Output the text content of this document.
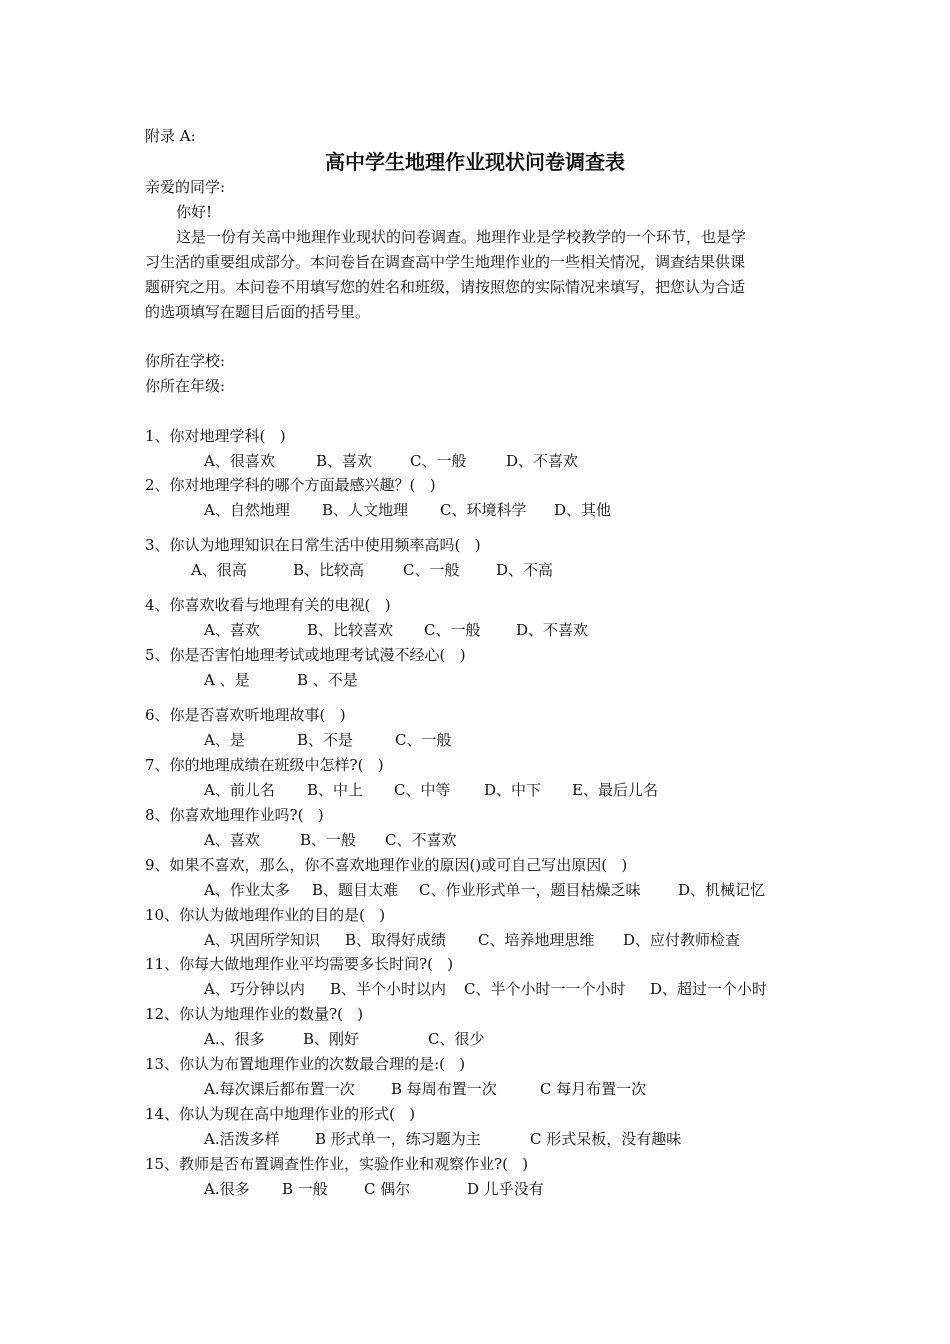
附录 A:
高中学生地理作业现状问卷调查表
亲爱的同学:
你好!
这是一份有关高中地理作业现状的问卷调查。地理作业是学校教学的一个环节，也是学
习生活的重要组成部分。本问卷旨在调查高中学生地理作业的一些相关情况，调查结果供课
题研究之用。本问卷不用填写您的姓名和班级，请按照您的实际情况来填写，把您认为合适
的选项填写在题目后面的括号里。
你所在学校:
你所在年级:
1、你对地理学科(   )
A、很喜欢	B、喜欢	C、一般	D、不喜欢
2、你对地理学科的哪个方面最感兴趣？(   )
A、自然地理 B、人文地理 C、环境科学 D、其他
3、你认为地理知识在日常生活中使用频率高吗(   )
A、很高	B、比较高	C、一般 D、不高
4、你喜欢收看与地理有关的电视(   )
A、喜欢	B、比较喜欢 C、一般 D、不喜欢
5、你是否害怕地理考试或地理考试漫不经心(   )
A 、是	B 、不是
6、你是否喜欢听地理故事(   )
A、是	B、不是	C、一般
7、你的地理成绩在班级中怎样?(   )
A、前儿名 B、中上 C、中等 D、中下 E、最后儿名
8、你喜欢地理作业吗?(   )
A、喜欢	B、一般 C、不喜欢
9、如果不喜欢，那么，你不喜欢地理作业的原因()或可自己写出原因(   )
A、作业太多 B、题目太难 C、作业形式单一，题目枯燥乏味	D、机械记忆
10、你认为做地理作业的目的是(   )
A、巩固所学知识 B、取得好成绩 C、培养地理思维 D、应付教师检查
11、你每大做地理作业平均需要多长时间?(   )
A、巧分钟以内 B、半个小时以内 C、半个小时一一个小时 D、超过一个小时
12、你认为地理作业的数量?(   )
A.、很多	B、刚好	C、很少
13、你认为布置地理作业的次数最合理的是:(   )
A.每次课后都布置一次 B 每周布置一次	C 每月布置一次
14、你认为现在高中地理作业的形式(   )
A.活泼多样 B 形式单一，练习题为主	C 形式呆板，没有趣味
15、教师是否布置调查性作业，实验作业和观察作业?(   )
A.很多 B 一般 C 偶尔	D 儿乎没有
